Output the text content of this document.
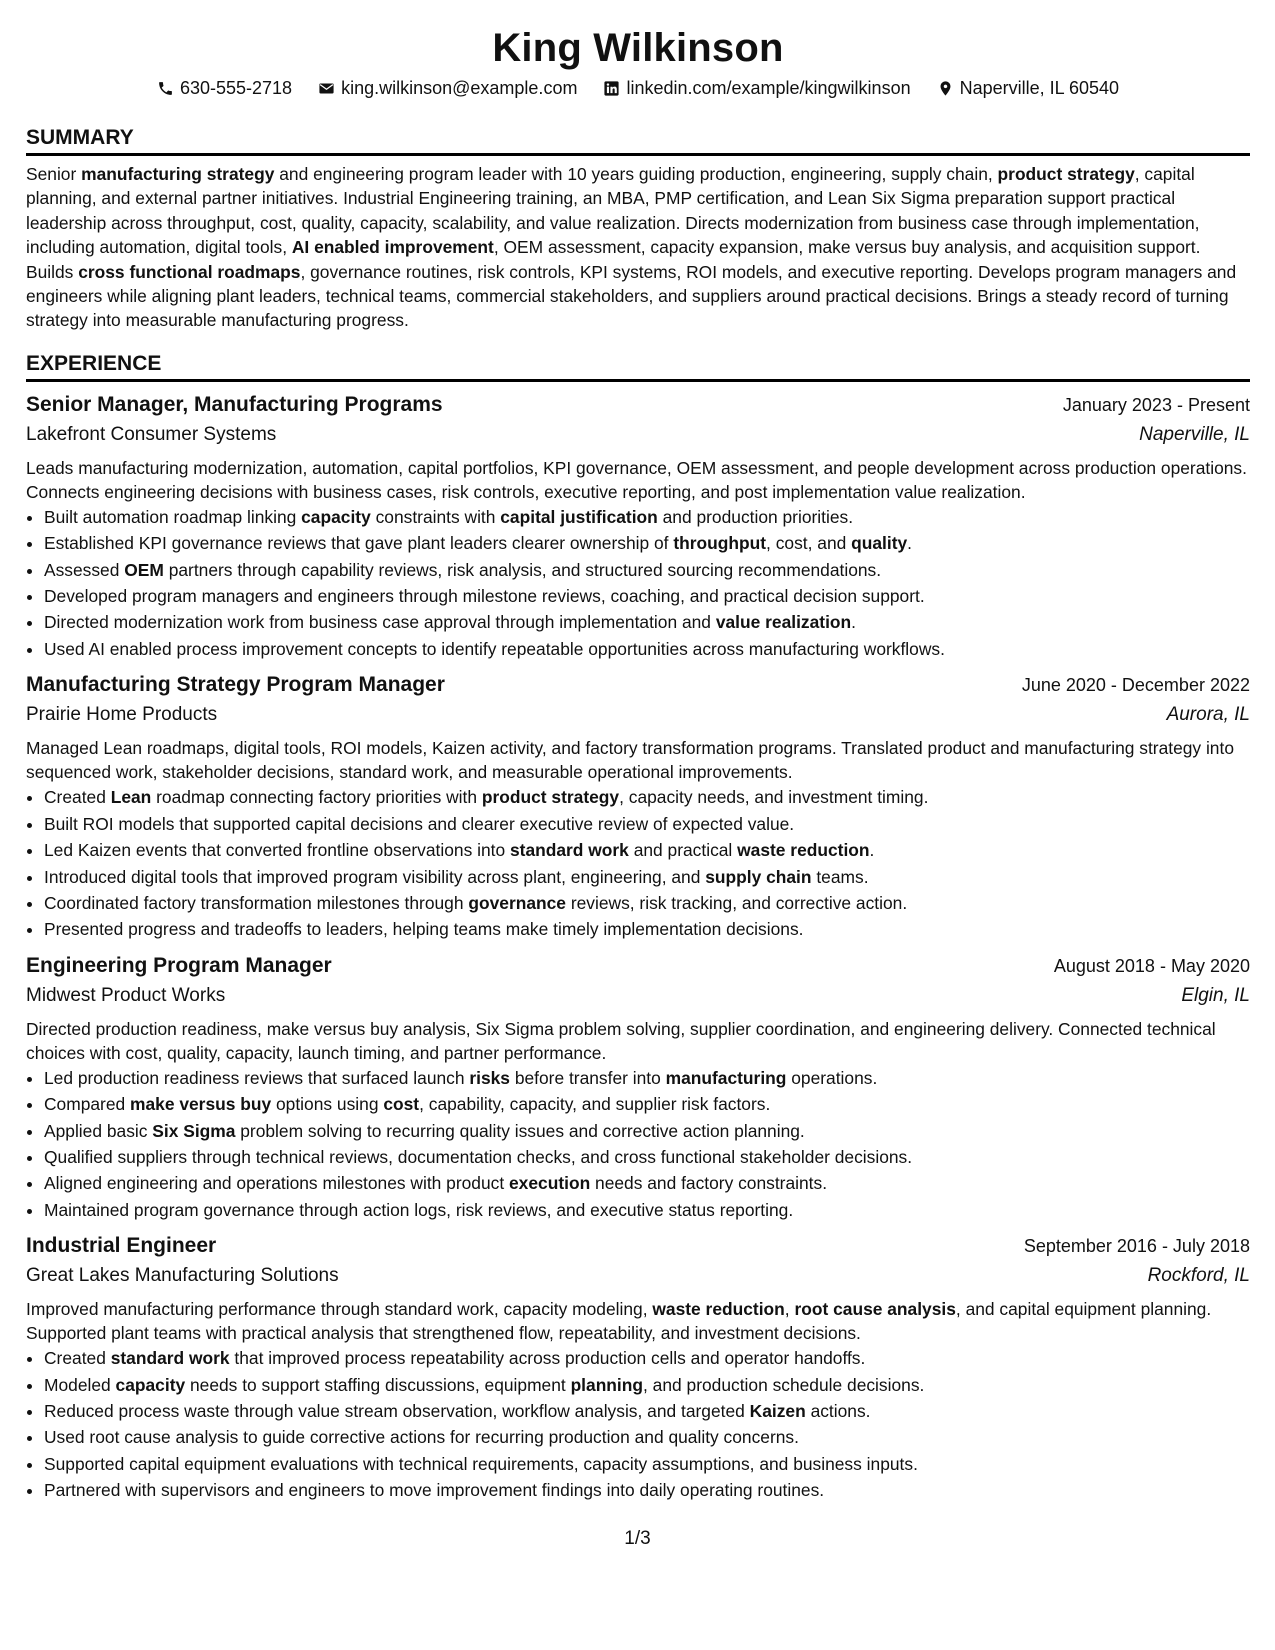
King Wilkinson
630-555-2718	king.wilkinson@example.com	linkedin.com/example/kingwilkinson	Naperville, IL 60540
SUMMARY
Senior manufacturing strategy and engineering program leader with 10 years guiding production, engineering, supply chain, product strategy, capital planning, and external partner initiatives. Industrial Engineering training, an MBA, PMP certification, and Lean Six Sigma preparation support practical leadership across throughput, cost, quality, capacity, scalability, and value realization. Directs modernization from business case through implementation, including automation, digital tools, AI enabled improvement, OEM assessment, capacity expansion, make versus buy analysis, and acquisition support. Builds cross functional roadmaps, governance routines, risk controls, KPI systems, ROI models, and executive reporting. Develops program managers and engineers while aligning plant leaders, technical teams, commercial stakeholders, and suppliers around practical decisions. Brings a steady record of turning strategy into measurable manufacturing progress.
EXPERIENCE
Senior Manager, Manufacturing Programs	January 2023 - Present
Lakefront Consumer Systems	Naperville, IL
Leads manufacturing modernization, automation, capital portfolios, KPI governance, OEM assessment, and people development across production operations. Connects engineering decisions with business cases, risk controls, executive reporting, and post implementation value realization.
• Built automation roadmap linking capacity constraints with capital justification and production priorities.
• Established KPI governance reviews that gave plant leaders clearer ownership of throughput, cost, and quality.
• Assessed OEM partners through capability reviews, risk analysis, and structured sourcing recommendations.
• Developed program managers and engineers through milestone reviews, coaching, and practical decision support.
• Directed modernization work from business case approval through implementation and value realization.
• Used AI enabled process improvement concepts to identify repeatable opportunities across manufacturing workflows.
Manufacturing Strategy Program Manager	June 2020 - December 2022
Prairie Home Products	Aurora, IL
Managed Lean roadmaps, digital tools, ROI models, Kaizen activity, and factory transformation programs. Translated product and manufacturing strategy into sequenced work, stakeholder decisions, standard work, and measurable operational improvements.
• Created Lean roadmap connecting factory priorities with product strategy, capacity needs, and investment timing.
• Built ROI models that supported capital decisions and clearer executive review of expected value.
• Led Kaizen events that converted frontline observations into standard work and practical waste reduction.
• Introduced digital tools that improved program visibility across plant, engineering, and supply chain teams.
• Coordinated factory transformation milestones through governance reviews, risk tracking, and corrective action.
• Presented progress and tradeoffs to leaders, helping teams make timely implementation decisions.
Engineering Program Manager	August 2018 - May 2020
Midwest Product Works	Elgin, IL
Directed production readiness, make versus buy analysis, Six Sigma problem solving, supplier coordination, and engineering delivery. Connected technical choices with cost, quality, capacity, launch timing, and partner performance.
• Led production readiness reviews that surfaced launch risks before transfer into manufacturing operations.
• Compared make versus buy options using cost, capability, capacity, and supplier risk factors.
• Applied basic Six Sigma problem solving to recurring quality issues and corrective action planning.
• Qualified suppliers through technical reviews, documentation checks, and cross functional stakeholder decisions.
• Aligned engineering and operations milestones with product execution needs and factory constraints.
• Maintained program governance through action logs, risk reviews, and executive status reporting.
Industrial Engineer	September 2016 - July 2018
Great Lakes Manufacturing Solutions	Rockford, IL
Improved manufacturing performance through standard work, capacity modeling, waste reduction, root cause analysis, and capital equipment planning. Supported plant teams with practical analysis that strengthened flow, repeatability, and investment decisions.
• Created standard work that improved process repeatability across production cells and operator handoffs.
• Modeled capacity needs to support staffing discussions, equipment planning, and production schedule decisions.
• Reduced process waste through value stream observation, workflow analysis, and targeted Kaizen actions.
• Used root cause analysis to guide corrective actions for recurring production and quality concerns.
• Supported capital equipment evaluations with technical requirements, capacity assumptions, and business inputs.
• Partnered with supervisors and engineers to move improvement findings into daily operating routines.
1/3
